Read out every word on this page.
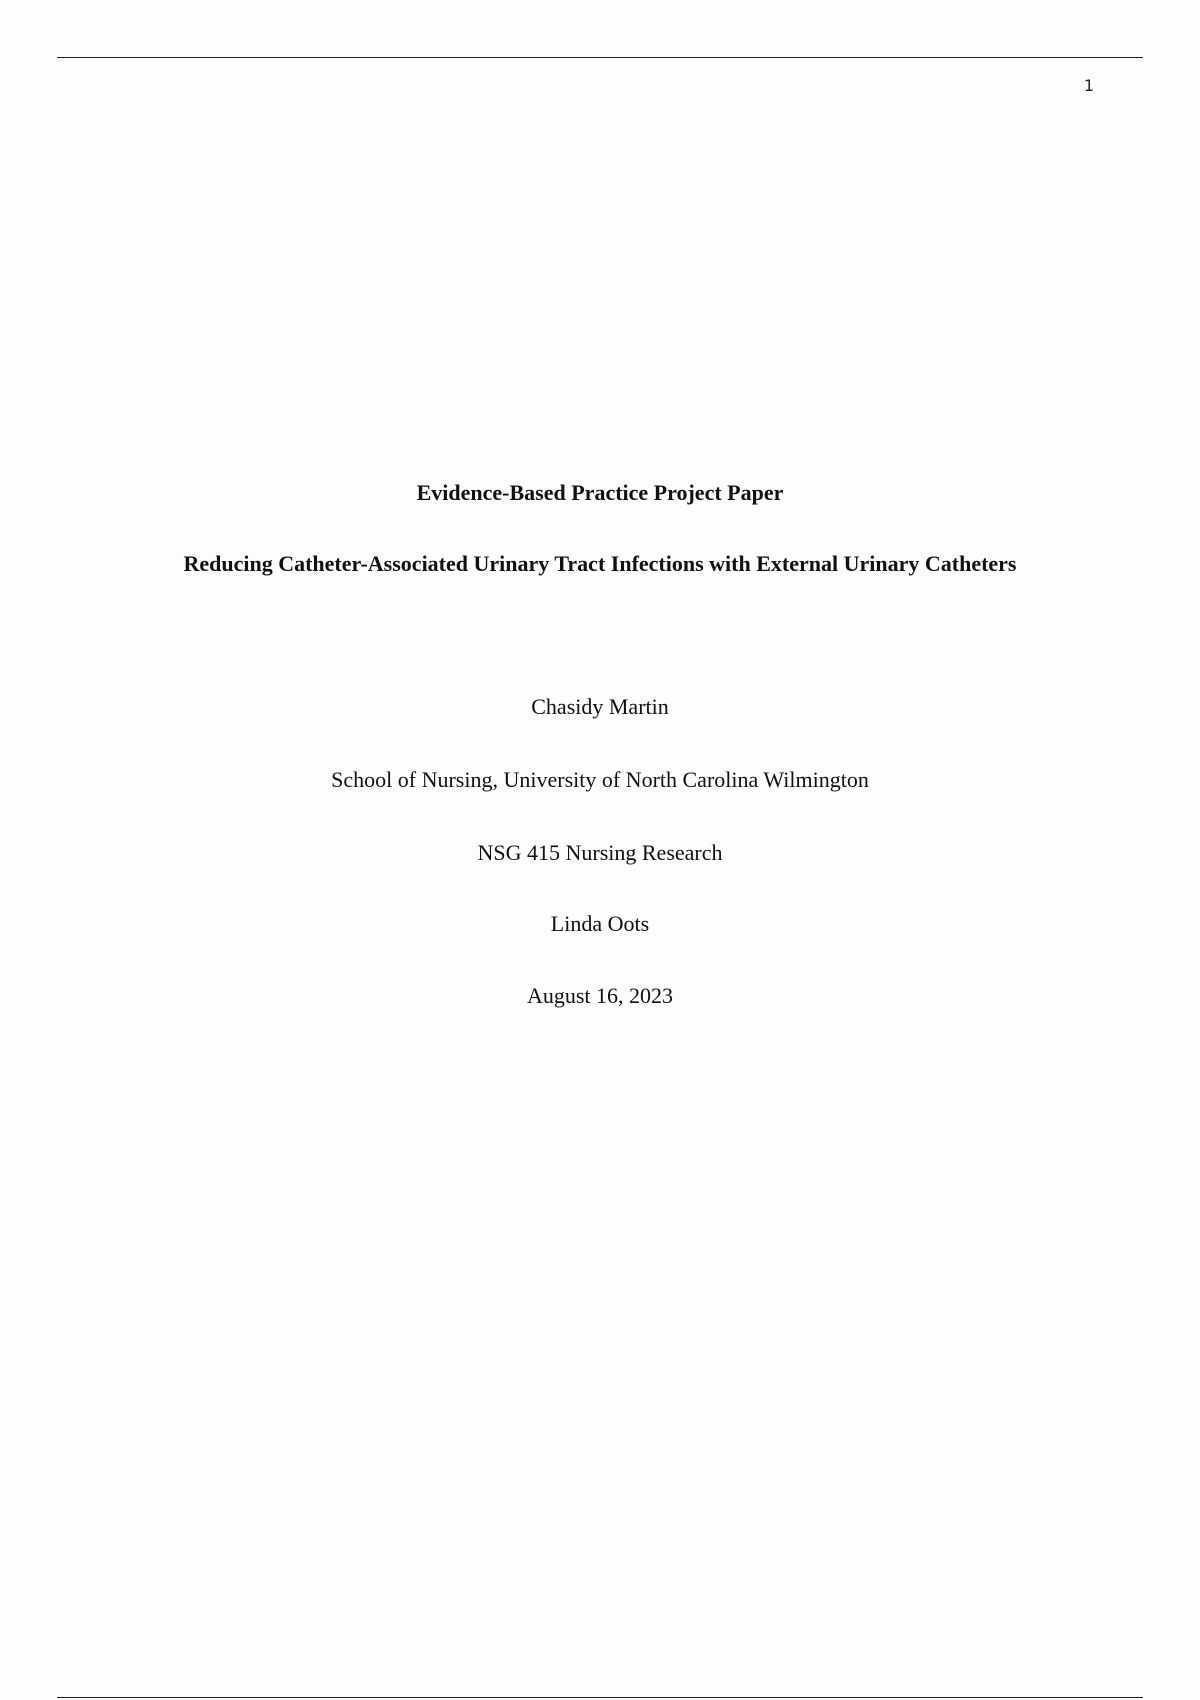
1
Evidence-Based Practice Project Paper
Reducing Catheter-Associated Urinary Tract Infections with External Urinary Catheters
Chasidy Martin
School of Nursing, University of North Carolina Wilmington
NSG 415 Nursing Research
Linda Oots
August 16, 2023
